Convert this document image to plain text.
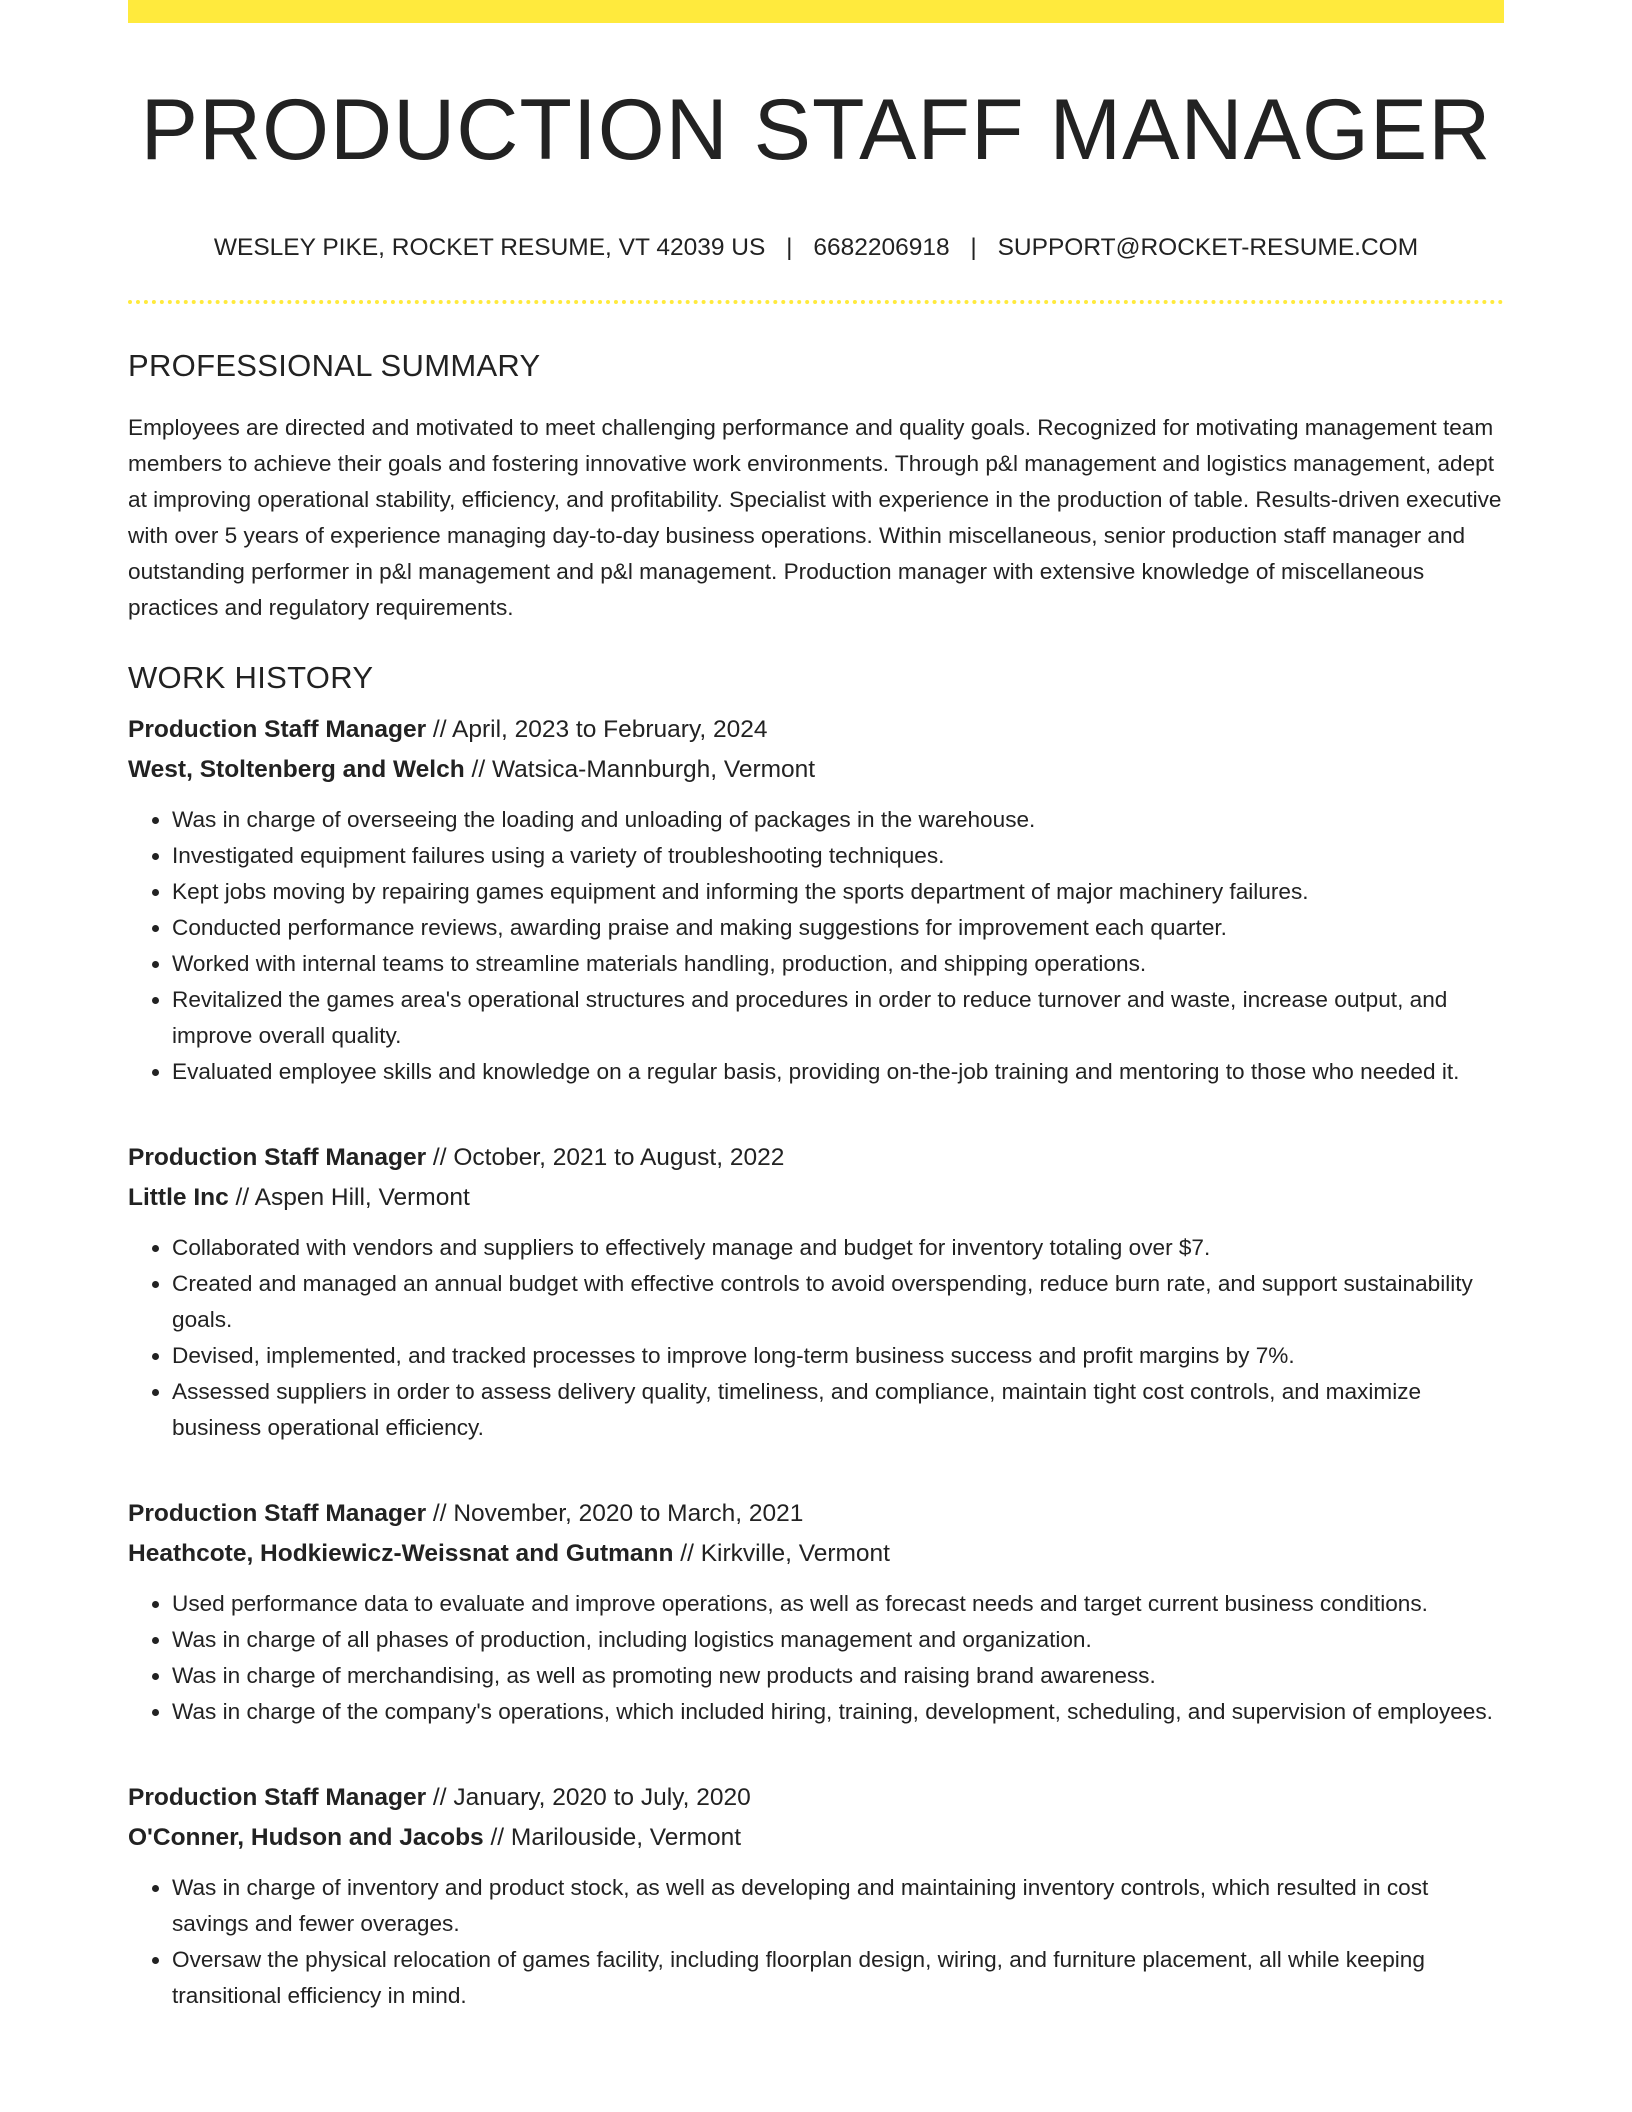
PRODUCTION STAFF MANAGER
WESLEY PIKE, ROCKET RESUME, VT 42039 US | 6682206918 | SUPPORT@ROCKET-RESUME.COM
PROFESSIONAL SUMMARY

Employees are directed and motivated to meet challenging performance and quality goals. Recognized for motivating management team members to achieve their goals and fostering innovative work environments. Through p&l management and logistics management, adept at improving operational stability, efficiency, and profitability. Specialist with experience in the production of table. Results-driven executive with over 5 years of experience managing day-to-day business operations. Within miscellaneous, senior production staff manager and outstanding performer in p&l management and p&l management. Production manager with extensive knowledge of miscellaneous practices and regulatory requirements.

WORK HISTORY
Production Staff Manager // April, 2023 to February, 2024
West, Stoltenberg and Welch // Watsica-Mannburgh, Vermont
• Was in charge of overseeing the loading and unloading of packages in the warehouse.
• Investigated equipment failures using a variety of troubleshooting techniques.
• Kept jobs moving by repairing games equipment and informing the sports department of major machinery failures.
• Conducted performance reviews, awarding praise and making suggestions for improvement each quarter.
• Worked with internal teams to streamline materials handling, production, and shipping operations.
• Revitalized the games area's operational structures and procedures in order to reduce turnover and waste, increase output, and improve overall quality.
• Evaluated employee skills and knowledge on a regular basis, providing on-the-job training and mentoring to those who needed it.
Production Staff Manager // October, 2021 to August, 2022
Little Inc // Aspen Hill, Vermont
• Collaborated with vendors and suppliers to effectively manage and budget for inventory totaling over $7.
• Created and managed an annual budget with effective controls to avoid overspending, reduce burn rate, and support sustainability goals.
• Devised, implemented, and tracked processes to improve long-term business success and profit margins by 7%.
• Assessed suppliers in order to assess delivery quality, timeliness, and compliance, maintain tight cost controls, and maximize business operational efficiency.
Production Staff Manager // November, 2020 to March, 2021
Heathcote, Hodkiewicz-Weissnat and Gutmann // Kirkville, Vermont
• Used performance data to evaluate and improve operations, as well as forecast needs and target current business conditions.
• Was in charge of all phases of production, including logistics management and organization.
• Was in charge of merchandising, as well as promoting new products and raising brand awareness.
• Was in charge of the company's operations, which included hiring, training, development, scheduling, and supervision of employees.
Production Staff Manager // January, 2020 to July, 2020
O'Conner, Hudson and Jacobs // Marilouside, Vermont
• Was in charge of inventory and product stock, as well as developing and maintaining inventory controls, which resulted in cost savings and fewer overages.
• Oversaw the physical relocation of games facility, including floorplan design, wiring, and furniture placement, all while keeping transitional efficiency in mind.
